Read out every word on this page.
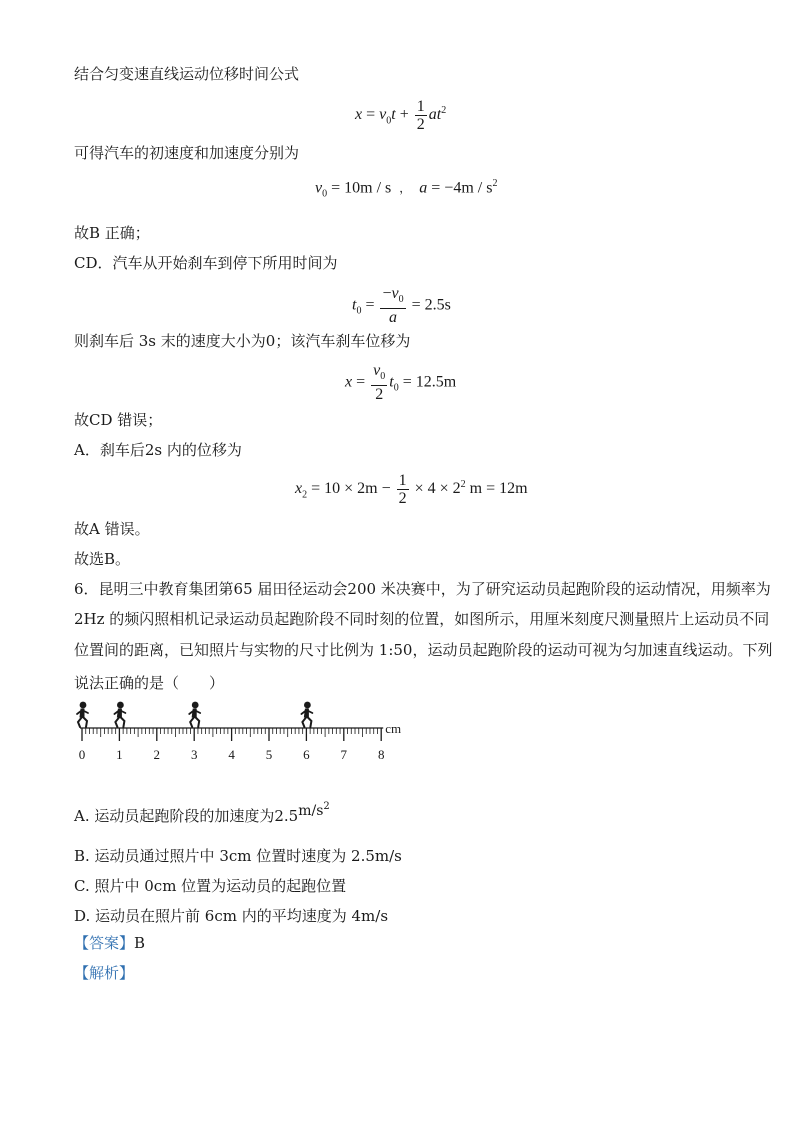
结合匀变速直线运动位移时间公式
$x = v_0t + \frac{1}{2} at^2$
可得汽车的初速度和加速度分别为
$v_0 = 10m / s$ ， $a = -4m / s^2$
故B 正确；
CD．汽车从开始刹车到停下所用时间为
$t_0 = \frac{-v_0}{a} = 2.5s$
则刹车后 3s 末的速度大小为0；该汽车刹车位移为
$x = \frac{v_0}{2} t_0 = 12.5m$
故CD 错误；
A．刹车后2s 内的位移为
$x_2 = 10 \times 2m - \frac{1}{2} \times 4 \times 2^2$ m = 12m
故A 错误。
故选B。
6．昆明三中教育集团第65 届田径运动会200 米决赛中，为了研究运动员起跑阶段的运动情况，用频率为
2Hz 的频闪照相机记录运动员起跑阶段不同时刻的位置，如图所示，用厘米刻度尺测量照片上运动员不同
位置间的距离，已知照片与实物的尺寸比例为 1:50，运动员起跑阶段的运动可视为匀加速直线运动。下列
说法正确的是（　　）
0 1 2 3 4 5 6 7 8
cm
A. 运动员起跑阶段的加速度为$2.5m/s^2$
B. 运动员通过照片中 3cm 位置时速度为 2.5m/s
C. 照片中 0cm 位置为运动员的起跑位置
D. 运动员在照片前 6cm 内的平均速度为 4m/s
【答案】B
【解析】
